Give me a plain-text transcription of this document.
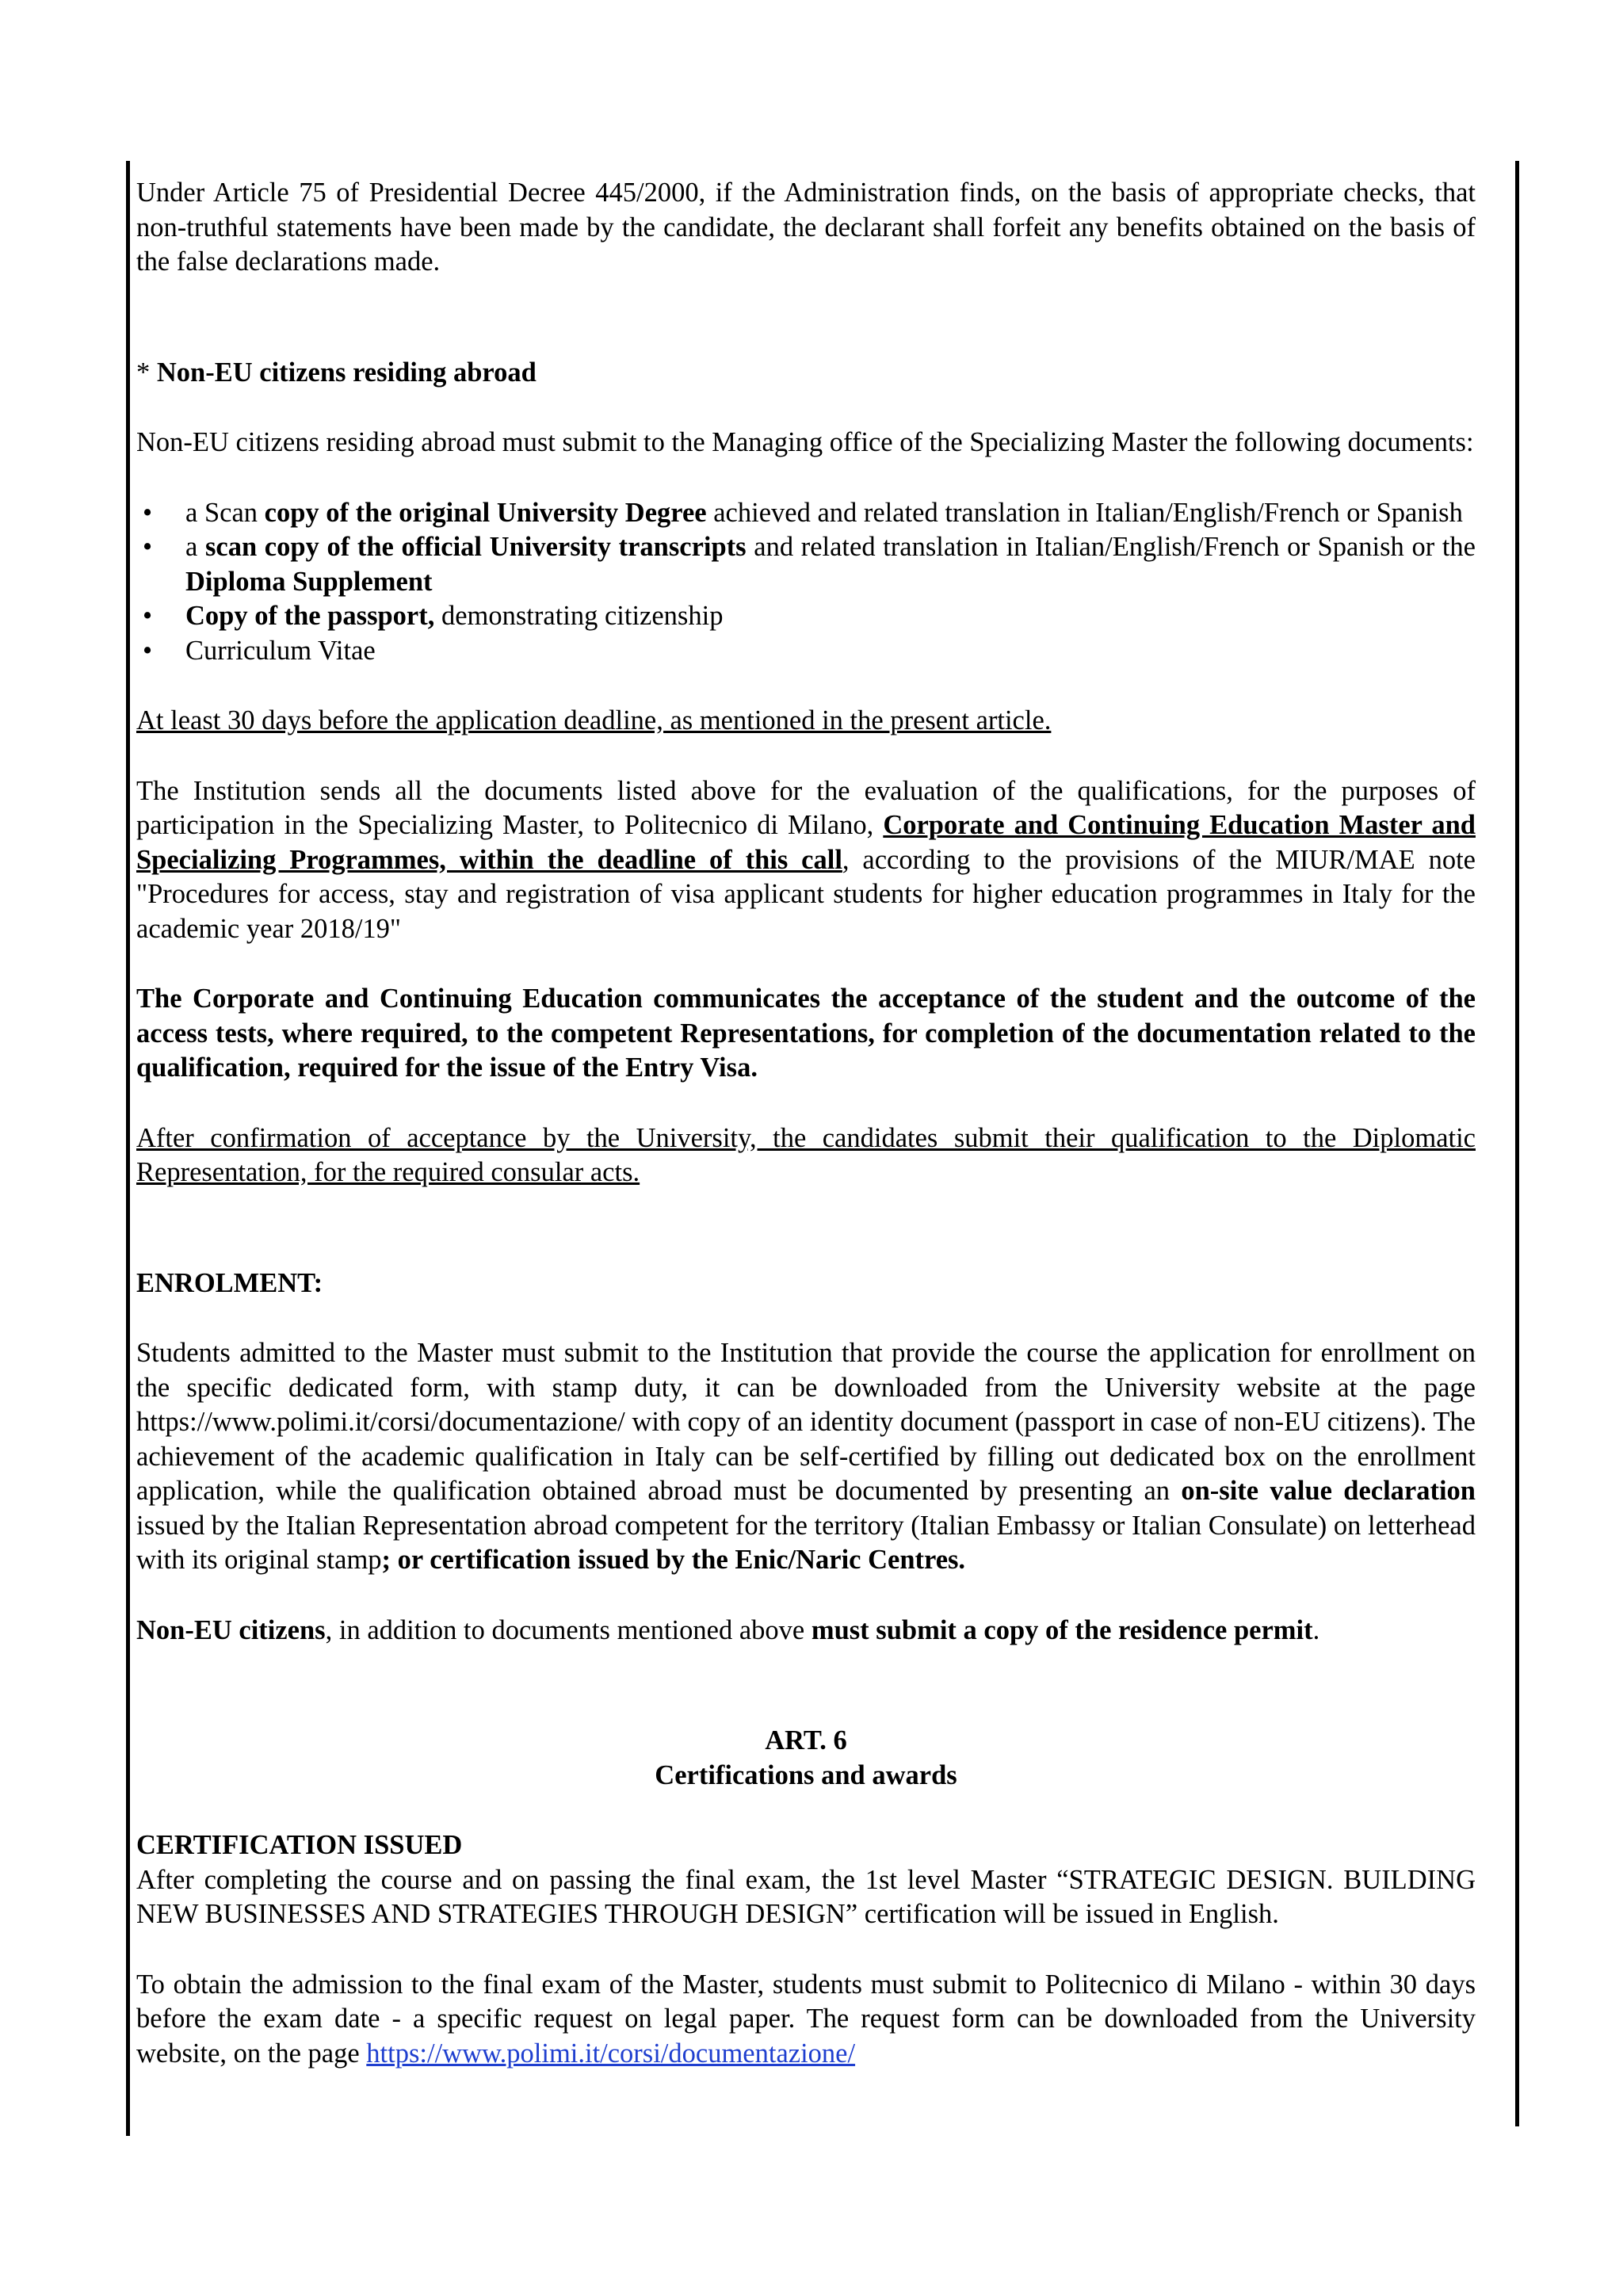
Under Article 75 of Presidential Decree 445/2000, if the Administration finds, on the basis of appropriate checks, that non-truthful statements have been made by the candidate, the declarant shall forfeit any benefits obtained on the basis of the false declarations made.

* Non-EU citizens residing abroad

Non-EU citizens residing abroad must submit to the Managing office of the Specializing Master the following documents:

• a Scan copy of the original University Degree achieved and related translation in Italian/English/French or Spanish
• a scan copy of the official University transcripts and related translation in Italian/English/French or Spanish or the Diploma Supplement
• Copy of the passport, demonstrating citizenship
• Curriculum Vitae

At least 30 days before the application deadline, as mentioned in the present article.

The Institution sends all the documents listed above for the evaluation of the qualifications, for the purposes of participation in the Specializing Master, to Politecnico di Milano, Corporate and Continuing Education Master and Specializing Programmes, within the deadline of this call, according to the provisions of the MIUR/MAE note "Procedures for access, stay and registration of visa applicant students for higher education programmes in Italy for the academic year 2018/19"

The Corporate and Continuing Education communicates the acceptance of the student and the outcome of the access tests, where required, to the competent Representations, for completion of the documentation related to the qualification, required for the issue of the Entry Visa.

After confirmation of acceptance by the University, the candidates submit their qualification to the Diplomatic Representation, for the required consular acts.

ENROLMENT:

Students admitted to the Master must submit to the Institution that provide the course the application for enrollment on the specific dedicated form, with stamp duty, it can be downloaded from the University website at the page https://www.polimi.it/corsi/documentazione/ with copy of an identity document (passport in case of non-EU citizens). The achievement of the academic qualification in Italy can be self-certified by filling out dedicated box on the enrollment application, while the qualification obtained abroad must be documented by presenting an on-site value declaration issued by the Italian Representation abroad competent for the territory (Italian Embassy or Italian Consulate) on letterhead with its original stamp; or certification issued by the Enic/Naric Centres.

Non-EU citizens, in addition to documents mentioned above must submit a copy of the residence permit.

ART. 6

Certifications and awards

CERTIFICATION ISSUED

After completing the course and on passing the final exam, the 1st level Master “STRATEGIC DESIGN. BUILDING NEW BUSINESSES AND STRATEGIES THROUGH DESIGN” certification will be issued in English.

To obtain the admission to the final exam of the Master, students must submit to Politecnico di Milano - within 30 days before the exam date - a specific request on legal paper. The request form can be downloaded from the University website, on the page https://www.polimi.it/corsi/documentazione/
